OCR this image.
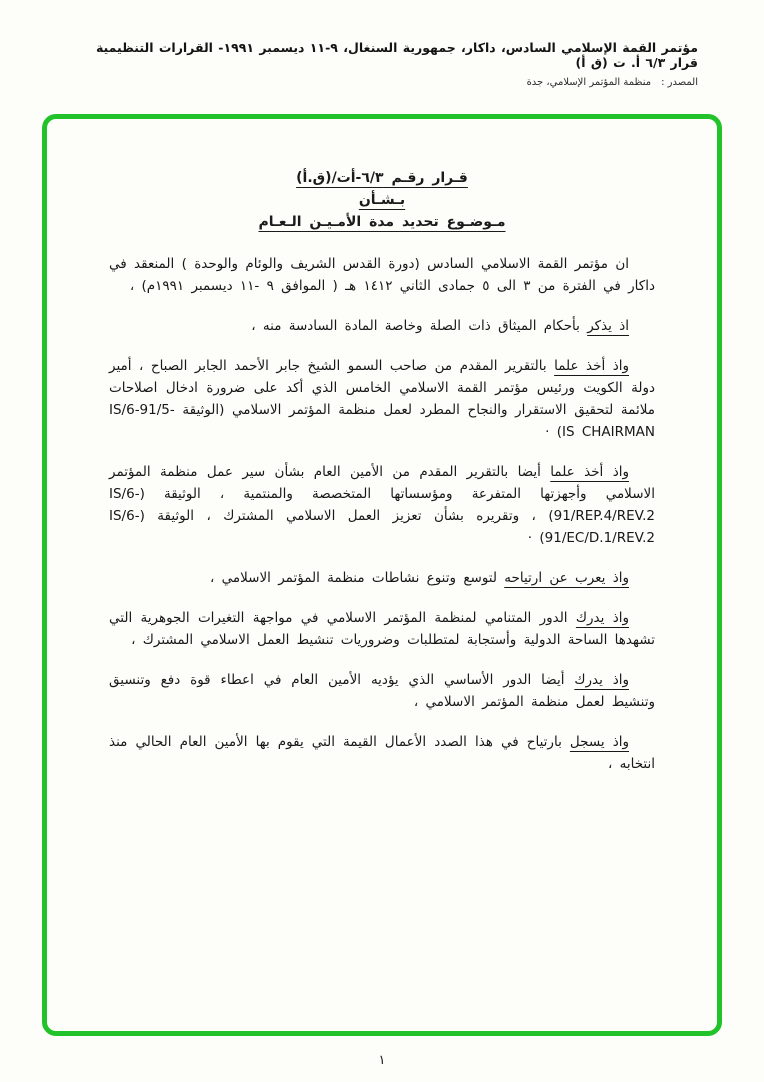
مؤتمر القمة الإسلامي السادس، داكار، جمهورية السنغال، ٩-١١ ديسمبر ١٩٩١- القرارات التنظيمية قرار ٦/٣ أ. ت (ق أ)
المصدر :منظمة المؤتمر الإسلامي، جدة
قـرار رقـم ٦/٣-أت/(ق.أ)
بـشـأن
مـوضـوع تحديد مدة الأمـيـن الـعـام

ان مؤتمر القمة الاسلامي السادس (دورة القدس الشريف والوئام والوحدة ) المنعقد في داكار في الفترة من ٣ الى ٥ جمادى الثاني ١٤١٢ هـ ( الموافق ٩ -١١ ديسمبر ١٩٩١م) ،

اذ يذكر بأحكام الميثاق ذات الصلة وخاصة المادة السادسة منه ،

واذ أخذ علما بالتقرير المقدم من صاحب السمو الشيخ جابر الأحمد الجابر الصباح ، أمير دولة الكويت ورئيس مؤتمر القمة الاسلامي الخامس الذي أكد على ضرورة ادخال اصلاحات ملائمة لتحقيق الاستقرار والنجاح المطرد لعمل منظمة المؤتمر الاسلامي (الوثيقة IS/6-91/5-IS CHAIRMAN) ·

واذ أخذ علما أيضا بالتقرير المقدم من الأمين العام بشأن سير عمل منظمة المؤتمر الاسلامي وأجهزتها المتفرعة ومؤسساتها المتخصصة والمنتمية ، الوثيقة (IS/6-91/REP.4/REV.2) ، وتقريره بشأن تعزيز العمل الاسلامي المشترك ، الوثيقة (IS/6-91/EC/D.1/REV.2) ·

واذ يعرب عن ارتياحه لتوسع وتنوع نشاطات منظمة المؤتمر الاسلامي ،

واذ يدرك الدور المتنامي لمنظمة المؤتمر الاسلامي في مواجهة التغيرات الجوهرية التي تشهدها الساحة الدولية وأستجابة لمتطلبات وضروريات تنشيط العمل الاسلامي المشترك ،

واذ يدرك أيضا الدور الأساسي الذي يؤديه الأمين العام في اعطاء قوة دفع وتنسيق وتنشيط لعمل منظمة المؤتمر الاسلامي ،

واذ يسجل بارتياح في هذا الصدد الأعمال القيمة التي يقوم بها الأمين العام الحالي منذ انتخابه ،

١
